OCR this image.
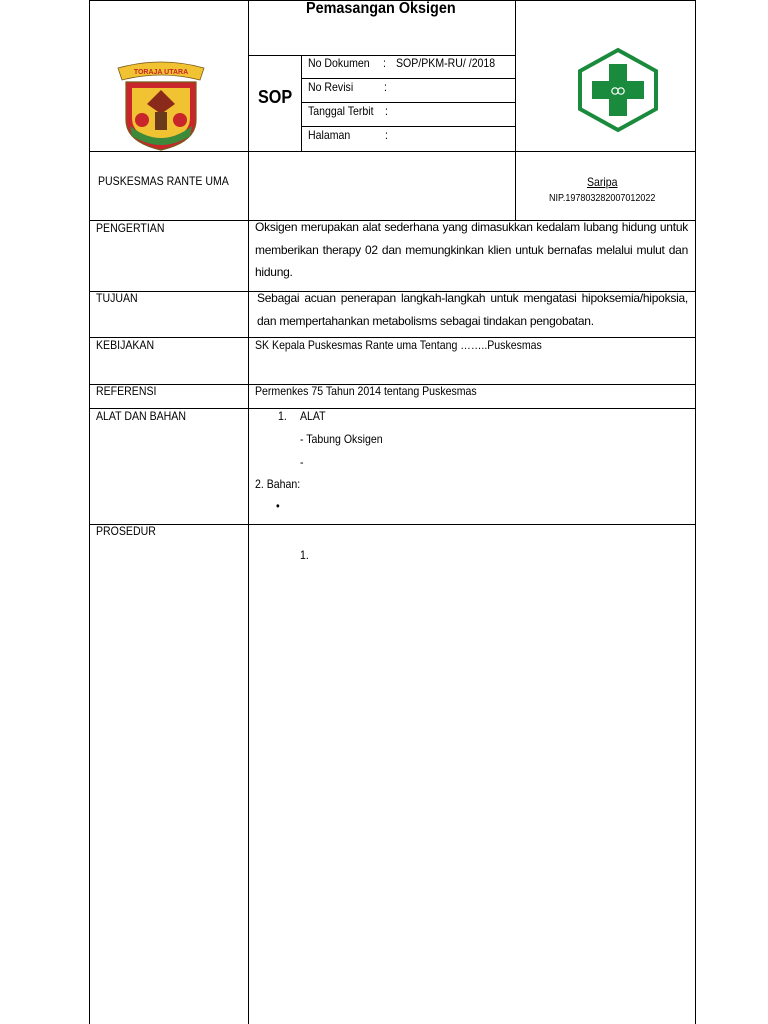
TORAJA UTARA
Pemasangan Oksigen
SOP
No Dokumen : SOP/PKM-RU/ /2018
No Revisi	:
Tanggal Terbit :
Halaman	:
PUSKESMAS RANTE UMA	Saripa
NIP.197803282007012022
PENGERTIAN	Oksigen merupakan alat sederhana yang dimasukkan kedalam lubang hidung untuk memberikan therapy 02 dan memungkinkan klien untuk bernafas melalui mulut dan hidung.
TUJUAN	Sebagai acuan penerapan langkah-langkah untuk mengatasi hipoksemia/hipoksia, dan mempertahankan metabolisms sebagai tindakan pengobatan.
KEBIJAKAN	SK Kepala Puskesmas Rante uma Tentang ……..Puskesmas
REFERENSI	Permenkes 75 Tahun 2014 tentang Puskesmas
ALAT DAN BAHAN	1. ALAT
- Tabung Oksigen
-
2. Bahan:
•
PROSEDUR
1.
